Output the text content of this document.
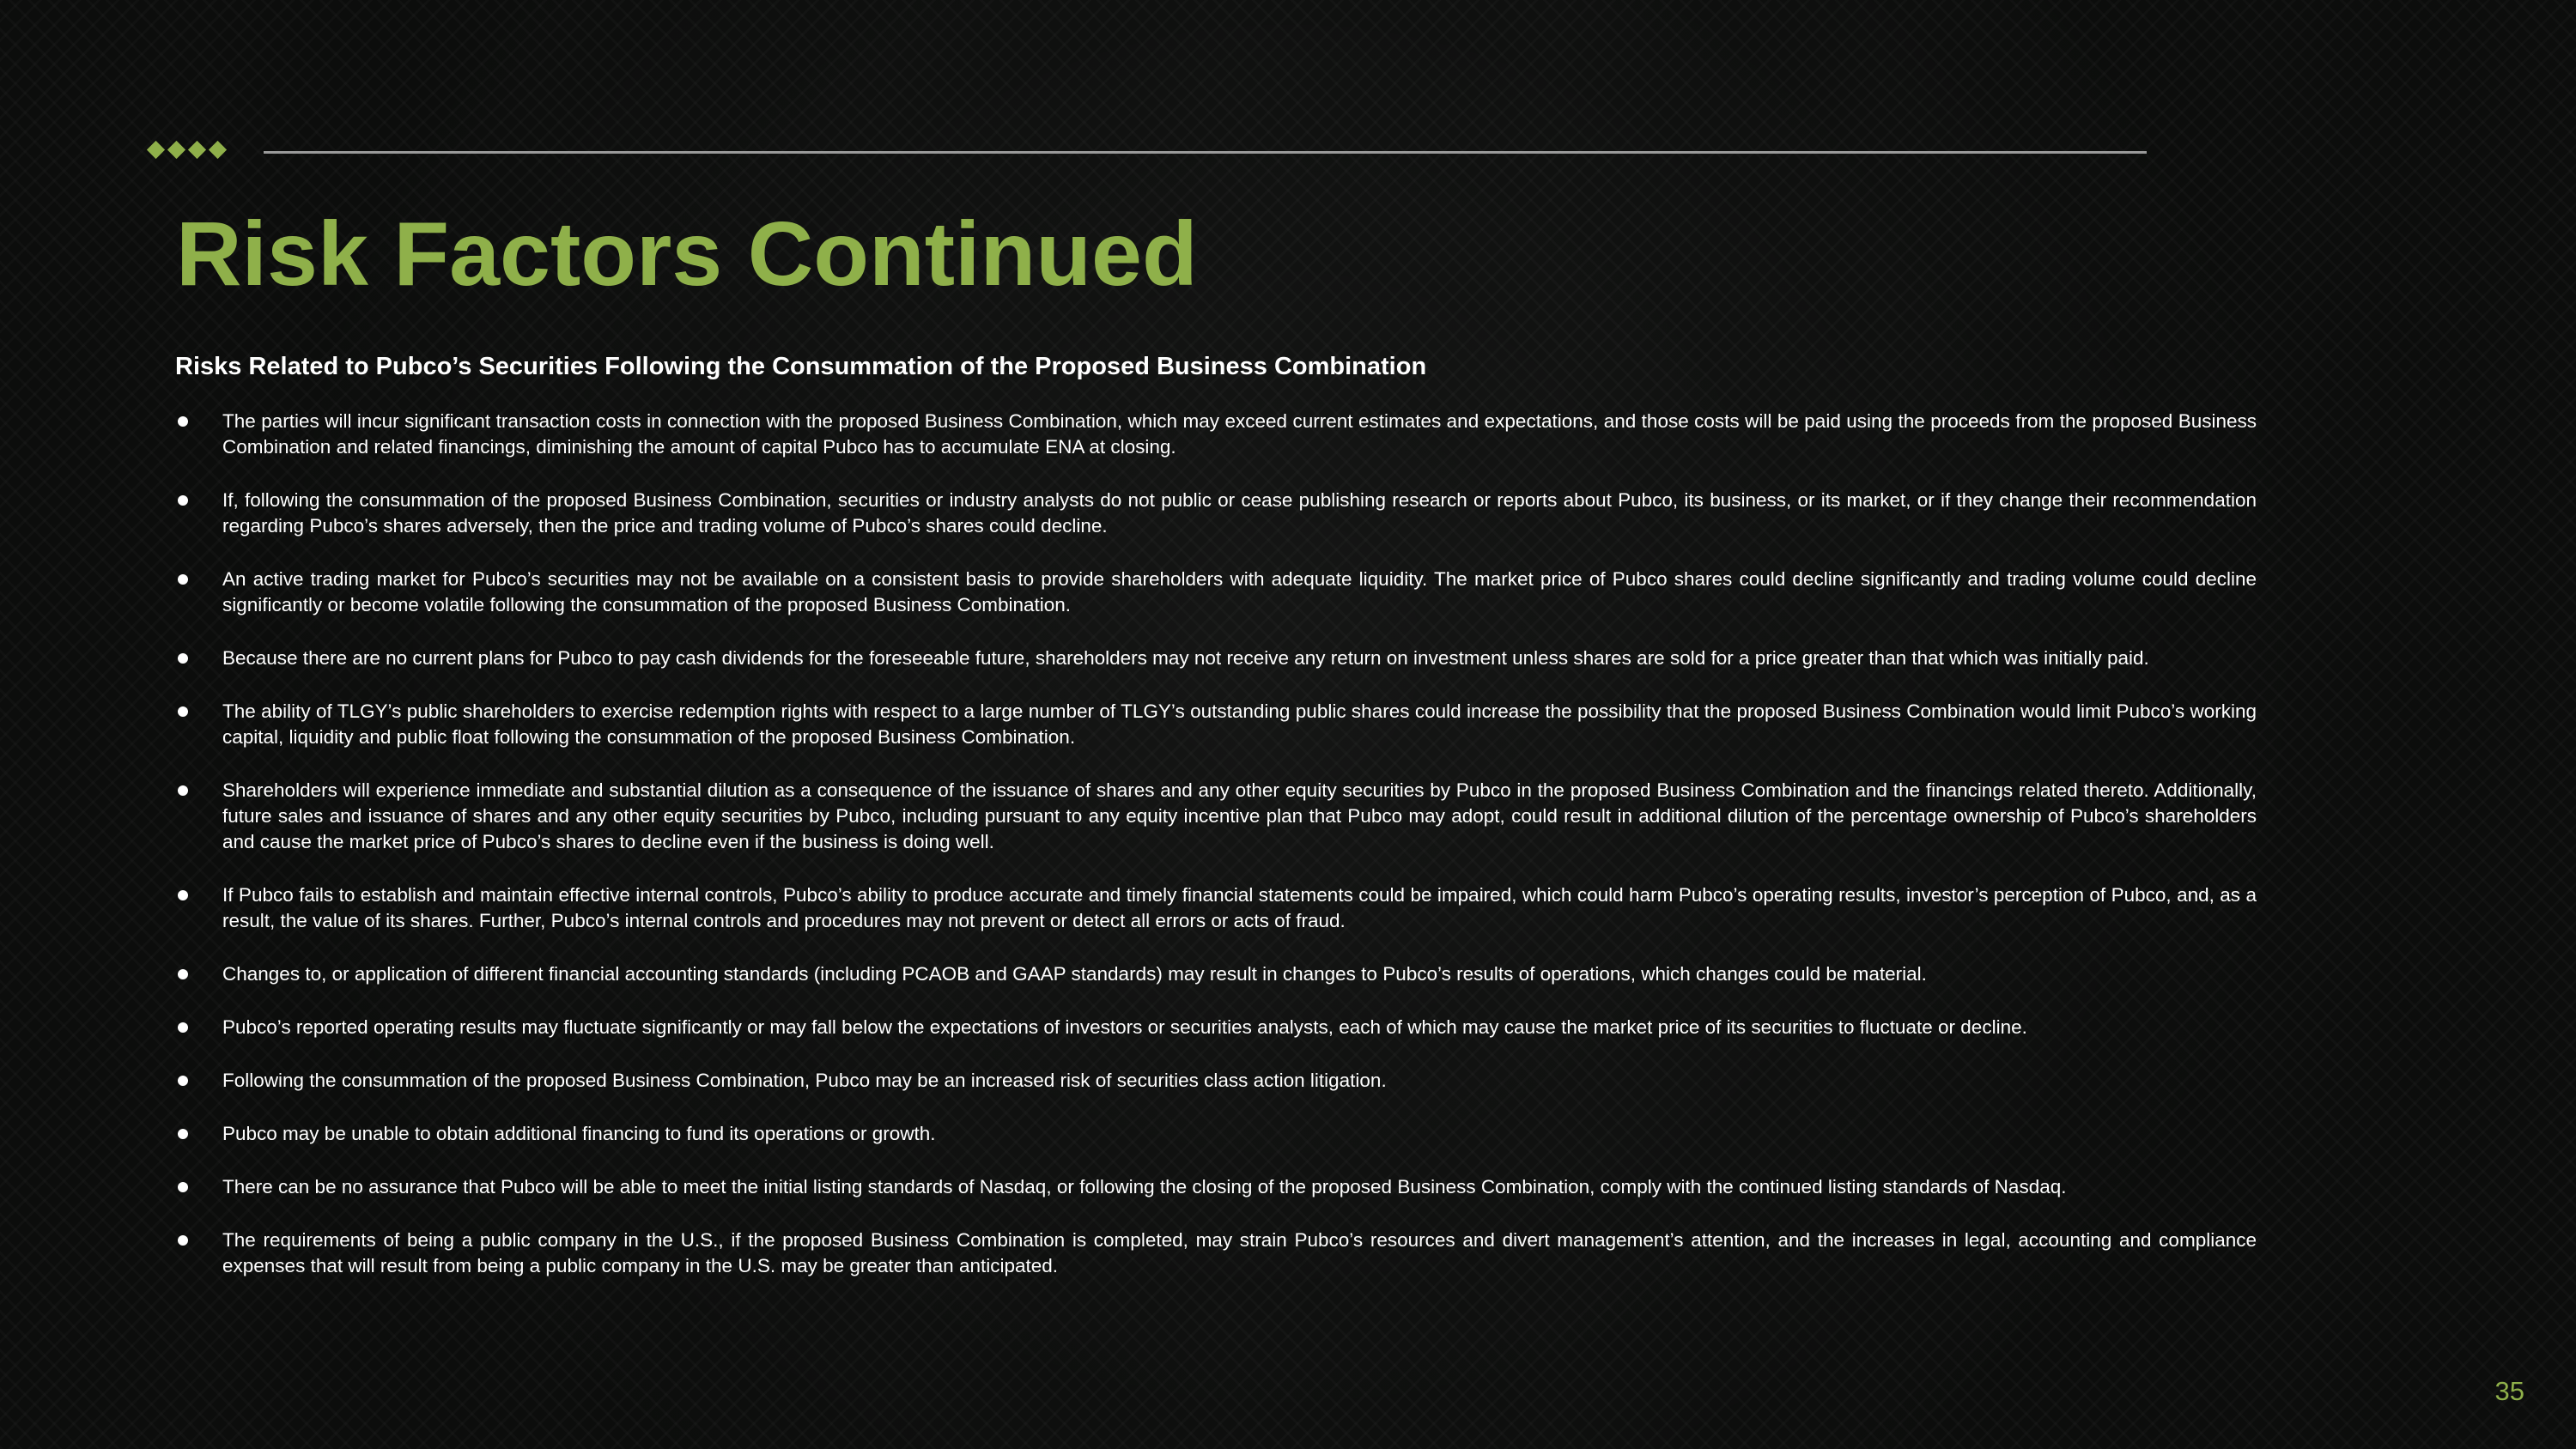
Risk Factors Continued
Risks Related to Pubco’s Securities Following the Consummation of the Proposed Business Combination
The parties will incur significant transaction costs in connection with the proposed Business Combination, which may exceed current estimates and expectations, and those costs will be paid using the proceeds from the proposed Business Combination and related financings, diminishing the amount of capital Pubco has to accumulate ENA at closing.
If, following the consummation of the proposed Business Combination, securities or industry analysts do not public or cease publishing research or reports about Pubco, its business, or its market, or if they change their recommendation regarding Pubco’s shares adversely, then the price and trading volume of Pubco’s shares could decline.
An active trading market for Pubco’s securities may not be available on a consistent basis to provide shareholders with adequate liquidity. The market price of Pubco shares could decline significantly and trading volume could decline significantly or become volatile following the consummation of the proposed Business Combination.
Because there are no current plans for Pubco to pay cash dividends for the foreseeable future, shareholders may not receive any return on investment unless shares are sold for a price greater than that which was initially paid.
The ability of TLGY’s public shareholders to exercise redemption rights with respect to a large number of TLGY’s outstanding public shares could increase the possibility that the proposed Business Combination would limit Pubco’s working capital, liquidity and public float following the consummation of the proposed Business Combination.
Shareholders will experience immediate and substantial dilution as a consequence of the issuance of shares and any other equity securities by Pubco in the proposed Business Combination and the financings related thereto. Additionally, future sales and issuance of shares and any other equity securities by Pubco, including pursuant to any equity incentive plan that Pubco may adopt, could result in additional dilution of the percentage ownership of Pubco’s shareholders and cause the market price of Pubco’s shares to decline even if the business is doing well.
If Pubco fails to establish and maintain effective internal controls, Pubco’s ability to produce accurate and timely financial statements could be impaired, which could harm Pubco’s operating results, investor’s perception of Pubco, and, as a result, the value of its shares. Further, Pubco’s internal controls and procedures may not prevent or detect all errors or acts of fraud.
Changes to, or application of different financial accounting standards (including PCAOB and GAAP standards) may result in changes to Pubco’s results of operations, which changes could be material.
Pubco’s reported operating results may fluctuate significantly or may fall below the expectations of investors or securities analysts, each of which may cause the market price of its securities to fluctuate or decline.
Following the consummation of the proposed Business Combination, Pubco may be an increased risk of securities class action litigation.
Pubco may be unable to obtain additional financing to fund its operations or growth.
There can be no assurance that Pubco will be able to meet the initial listing standards of Nasdaq, or following the closing of the proposed Business Combination, comply with the continued listing standards of Nasdaq.
The requirements of being a public company in the U.S., if the proposed Business Combination is completed, may strain Pubco’s resources and divert management’s attention, and the increases in legal, accounting and compliance expenses that will result from being a public company in the U.S. may be greater than anticipated.
35
